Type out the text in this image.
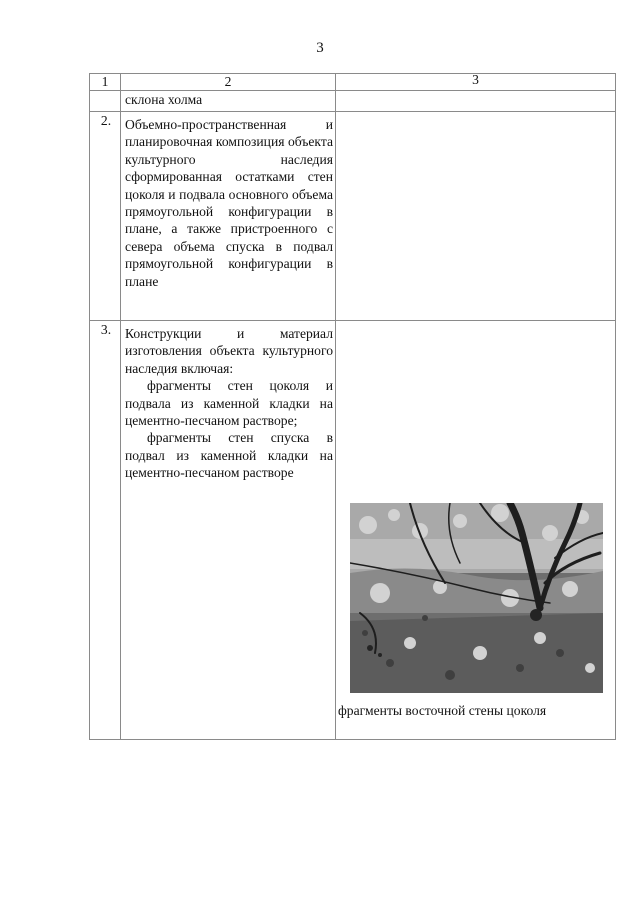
3
1	2	3
	склона холма	
2.	Объемно-пространственная и планировочная композиция объекта культурного наследия сформированная остатками стен цоколя и подвала основного объема прямоугольной конфигурации в плане, а также пристроенного с севера объема спуска в подвал прямоугольной конфигурации в плане	

3.	Конструкции и материал изготовления объекта культурного наследия включая:
фрагменты стен цоколя и подвала из каменной кладки на цементно-песчаном растворе;
фрагменты стен спуска в подвал из каменной кладки на цементно-песчаном растворе	фрагменты восточной стены цоколя
